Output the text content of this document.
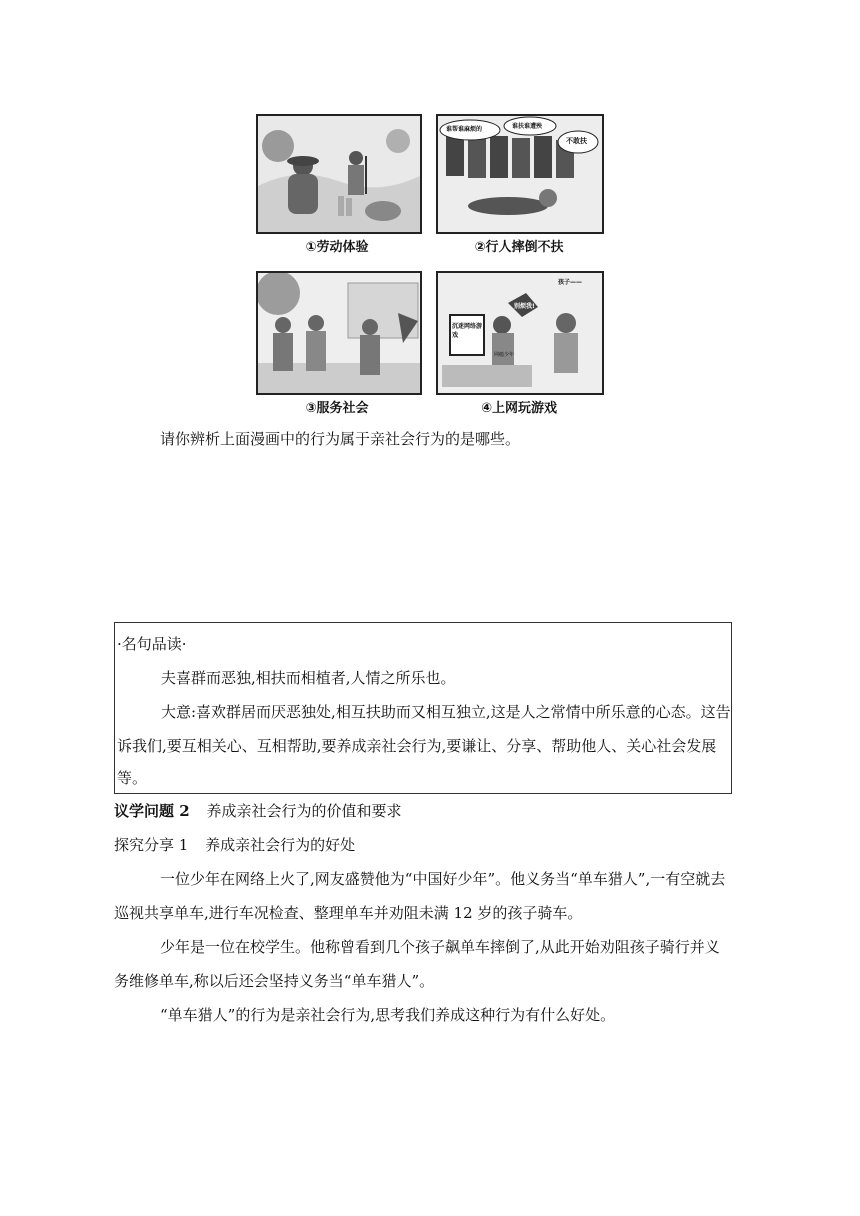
①劳动体验
谁帮谁麻烦的	谁扶谁遭殃
不敢扶
②行人摔倒不扶
③服务社会
孩子——
别烦我!
沉迷网络游戏
网瘾少年
④上网玩游戏
请你辨析上面漫画中的行为属于亲社会行为的是哪些。
·名句品读·
夫喜群而恶独,相扶而相植者,人情之所乐也。
大意:喜欢群居而厌恶独处,相互扶助而又相互独立,这是人之常情中所乐意的心态。这告
诉我们,要互相关心、互相帮助,要养成亲社会行为,要谦让、分享、帮助他人、关心社会发展
等。
议学问题 2 养成亲社会行为的价值和要求
探究分享 1 养成亲社会行为的好处
一位少年在网络上火了,网友盛赞他为“中国好少年”。他义务当“单车猎人”,一有空就去
巡视共享单车,进行车况检查、整理单车并劝阻未满 12 岁的孩子骑车。
少年是一位在校学生。他称曾看到几个孩子飙单车摔倒了,从此开始劝阻孩子骑行并义
务维修单车,称以后还会坚持义务当“单车猎人”。
“单车猎人”的行为是亲社会行为,思考我们养成这种行为有什么好处。
